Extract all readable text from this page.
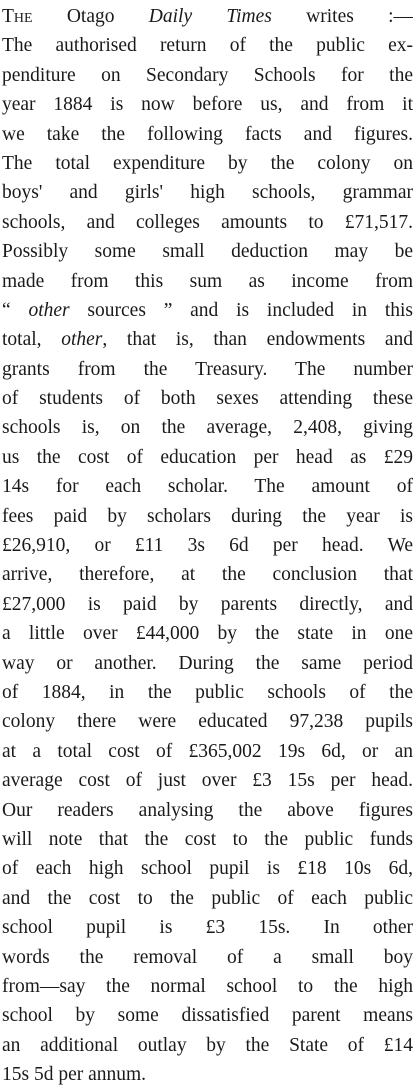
The Otago Daily Times writes :—
The authorised return of the public ex-
penditure on Secondary Schools for the
year 1884 is now before us, and from it
we take the following facts and figures.
The total expenditure by the colony on
boys' and girls' high schools, grammar
schools, and colleges amounts to £71,517.
Possibly some small deduction may be
made from this sum as income from
“ other sources ” and is included in this
total, other, that is, than endowments and
grants from the Treasury. The number
of students of both sexes attending these
schools is, on the average, 2,408, giving
us the cost of education per head as £29
14s for each scholar. The amount of
fees paid by scholars during the year is
£26,910, or £11 3s 6d per head. We
arrive, therefore, at the conclusion that
£27,000 is paid by parents directly, and
a little over £44,000 by the state in one
way or another. During the same period
of 1884, in the public schools of the
colony there were educated 97,238 pupils
at a total cost of £365,002 19s 6d, or an
average cost of just over £3 15s per head.
Our readers analysing the above figures
will note that the cost to the public funds
of each high school pupil is £18 10s 6d,
and the cost to the public of each public
school pupil is £3 15s. In other
words the removal of a small boy
from—say the normal school to the high
school by some dissatisfied parent means
an additional outlay by the State of £14
15s 5d per annum.
